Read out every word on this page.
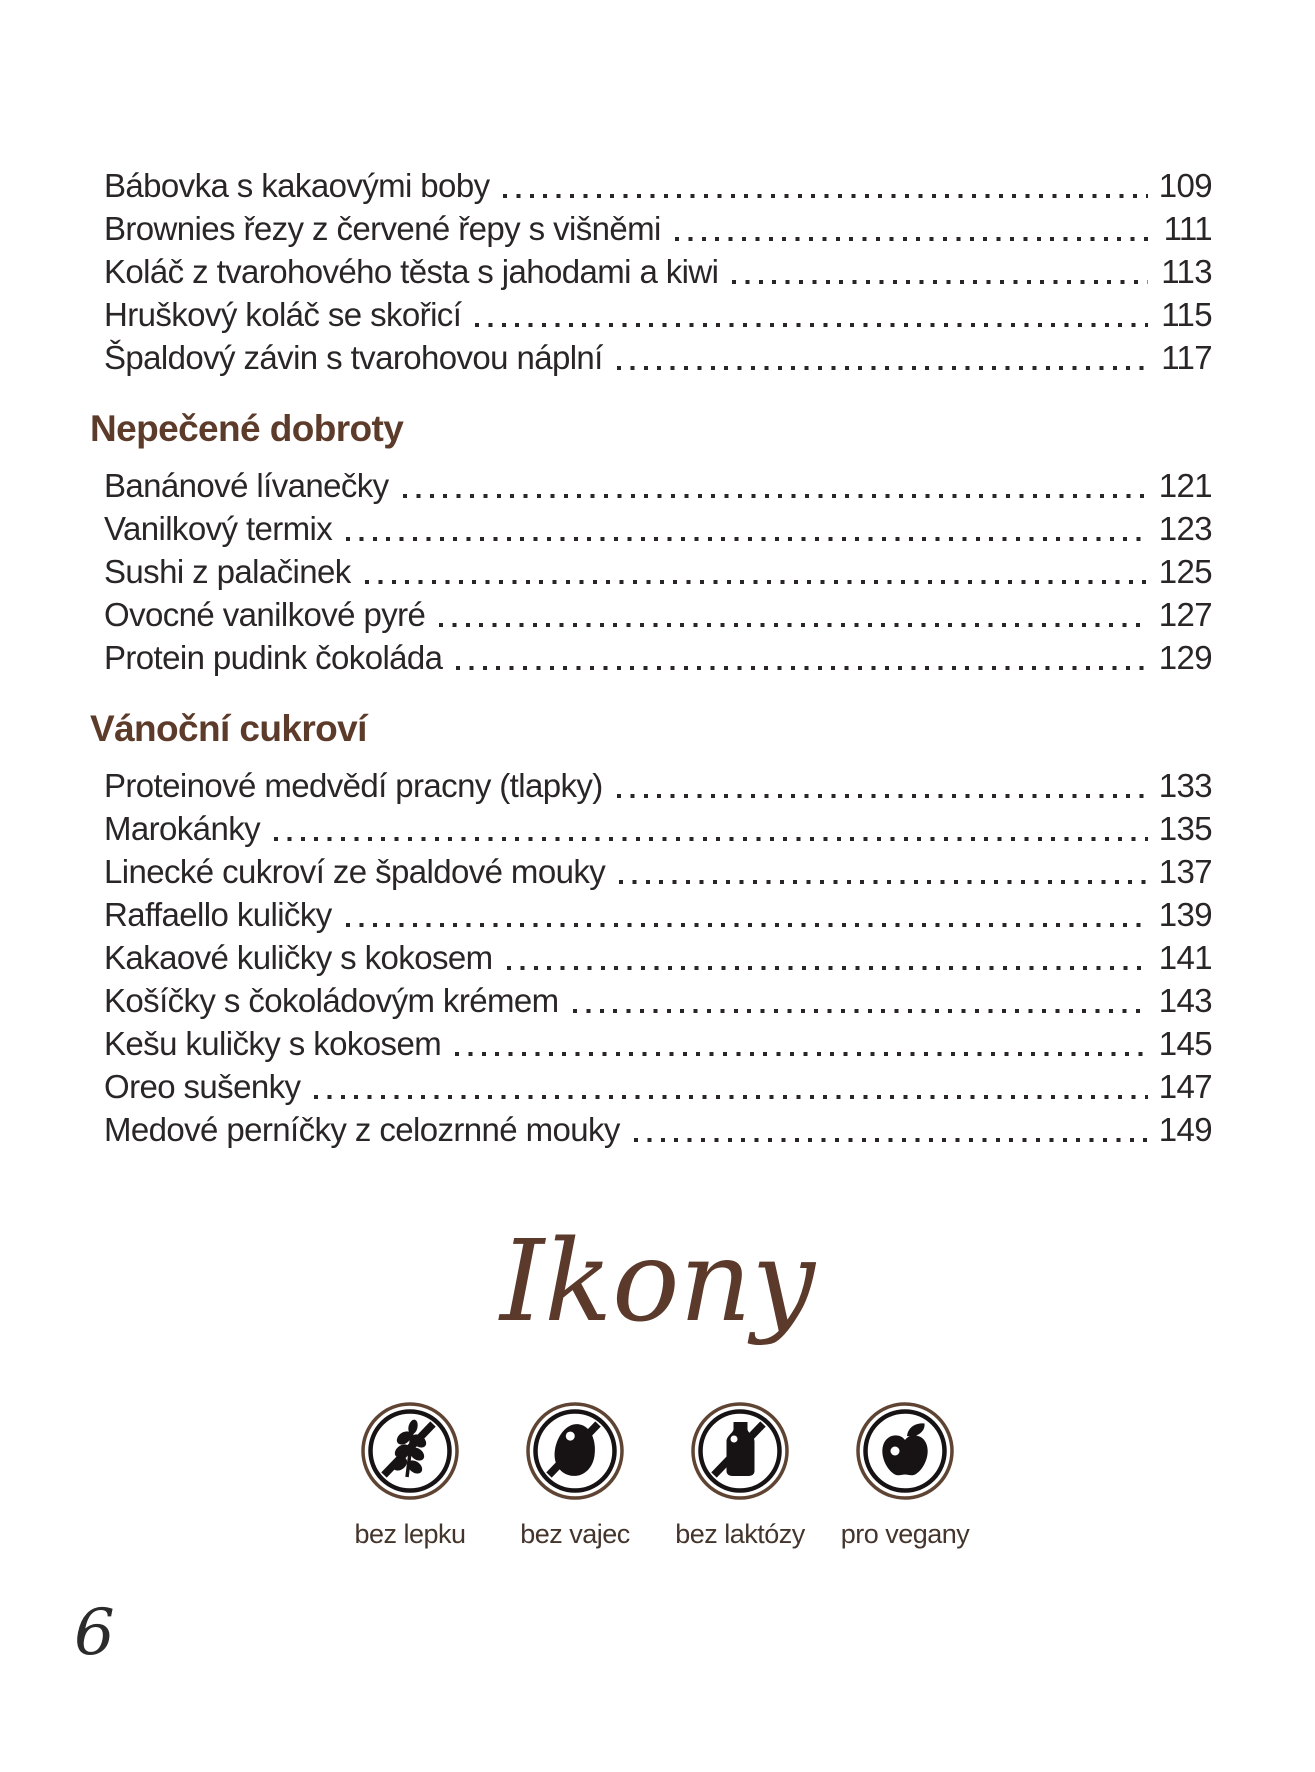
Bábovka s kakaovými boby	109
Brownies řezy z červené řepy s višněmi	111
Koláč z tvarohového těsta s jahodami a kiwi	113
Hruškový koláč se skořicí	115
Špaldový závin s tvarohovou náplní	117
Nepečené dobroty
Banánové lívanečky	121
Vanilkový termix	123
Sushi z palačinek	125
Ovocné vanilkové pyré	127
Protein pudink čokoláda	129
Vánoční cukroví
Proteinové medvědí pracny (tlapky)	133
Marokánky	135
Linecké cukroví ze špaldové mouky	137
Raffaello kuličky	139
Kakaové kuličky s kokosem	141
Košíčky s čokoládovým krémem	143
Kešu kuličky s kokosem	145
Oreo sušenky	147
Medové perníčky z celozrnné mouky	149
Ikony
bez lepku	bez vajec	bez laktózy	pro vegany
6
